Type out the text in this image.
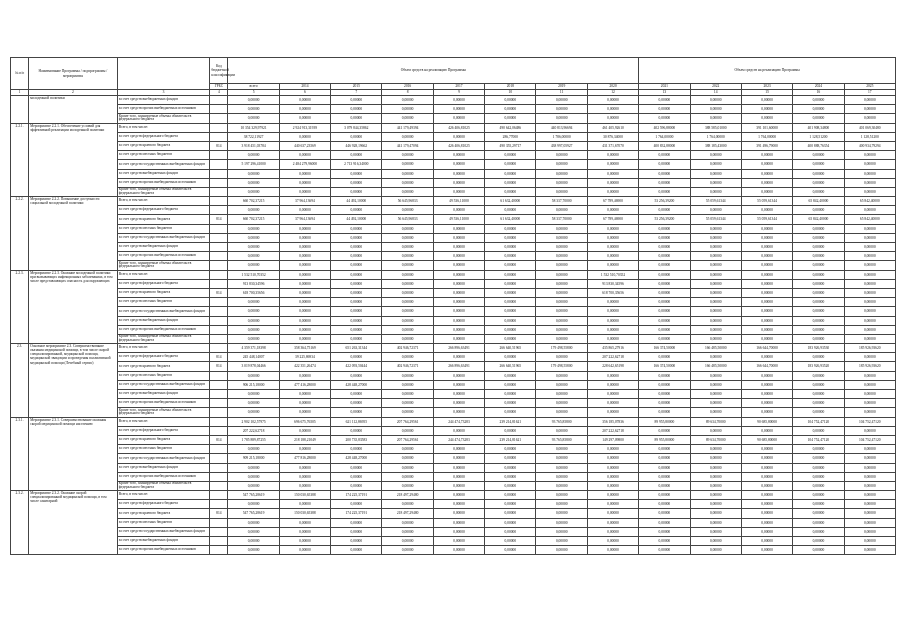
№ п/п	Наименование Программы / подпрограммы / мероприятия		Код бюджетной классификации	Объем средств на реализацию Программы								Объем средств на реализацию Программы				
			ГРБС	всего	2014	2015	2016	2017	2018	2019	2020	2021	2022	2023	2024	2025
1	2	3	4	5	6	7	8	9	10	11	12	13	14	15	16	17
	молодежной политики	за счет средств внебюджетных фондов		0,00000	0,00000	0,00000	0,00000	0,00000	0,00000	0,00000	0,00000	0,00000	0,00000	0,00000	0,00000	0,00000
		за счет средств прочих внебюджетных источников		0,00000	0,00000	0,00000	0,00000	0,00000	0,00000	0,00000	0,00000	0,00000	0,00000	0,00000	0,00000	0,00000
		Кроме того, планируемые объемы обязательств федерального бюджета		0,00000	0,00000	0,00000	0,00000	0,00000	0,00000	0,00000	0,00000	0,00000	0,00000	0,00000	0,00000	0,00000
2.2.1.	Мероприятие 2.2.1. Обеспечение условий для эффективной реализации молодежной политики	Всего, в том числе:		10 354 329,97921	2 924 913,31939	3 079 844,35862	441 179,49394	426 406,81025	490 642,06486	440 813,96694	461 405,92610	402 596,88000	388 585,01000	391 101,60000	401 908,34800	401 069,30480
		за счет средств федерального бюджета		38 722,11927	0,00000	0,00000	0,00000	0,00000	286,77000	1 786,00000	30 876,34000	1 764,00000	1 764,00000	1 764,00000	1 128,51200	1 128,51200
		за счет средств краевого бюджета	814	3 918 451,03784	440 637,23569	446 928,19662	441 179,47094	426 406,81025	490 355,29717	438 997,05927	431 371,67070	400 832,88000	388 185,43000	391 496,79000	400 888,76354	400 934,79294
		за счет средств местных бюджетов		0,00000	0,00000	0,00000	0,00000	0,00000	0,00000	0,00000	0,00000	0,00000	0,00000	0,00000	0,00000	0,00000
		за счет средств государственных внебюджетных фондов		5 197 296,41000	2 484 279,96000	2 713 916,34000	0,00000	0,00000	0,00000	0,00000	0,00000	0,00000	0,00000	0,00000	0,00000	0,00000
		за счет средств внебюджетных фондов		0,00000	0,00000	0,00000	0,00000	0,00000	0,00000	0,00000	0,00000	0,00000	0,00000	0,00000	0,00000	0,00000
		за счет средств прочих внебюджетных источников		0,00000	0,00000	0,00000	0,00000	0,00000	0,00000	0,00000	0,00000	0,00000	0,00000	0,00000	0,00000	0,00000
		Кроме того, планируемые объемы обязательств федерального бюджета		0,00000	0,00000	0,00000	0,00000	0,00000	0,00000	0,00000	0,00000	0,00000	0,00000	0,00000	0,00000	0,00000
2.2.2.	Мероприятие 2.2.2. Повышение доступности социальной молодежной политики	Всего, в том числе:		660 702,37215	37 964,13694	44 492,10000	56 645,96833	49 536,11000	61 632,40000	58 337,70000	67 789,46900	53 256,39200	55 059,61344	55 059,61344	65 842,40000	65 842,40000
		за счет средств федерального бюджета		0,00000	0,00000	0,00000	0,00000	0,00000	0,00000	0,00000	0,00000	0,00000	0,00000	0,00000	0,00000	0,00000
		за счет средств краевого бюджета	814	660 702,37215	37 964,13694	44 492,10000	56 645,96833	49 536,11000	61 632,40000	58 337,70000	67 789,46900	53 256,39200	55 059,61344	55 059,61344	65 842,40000	65 842,40000
		за счет средств местных бюджетов		0,00000	0,00000	0,00000	0,00000	0,00000	0,00000	0,00000	0,00000	0,00000	0,00000	0,00000	0,00000	0,00000
		за счет средств государственных внебюджетных фондов		0,00000	0,00000	0,00000	0,00000	0,00000	0,00000	0,00000	0,00000	0,00000	0,00000	0,00000	0,00000	0,00000
		за счет средств внебюджетных фондов		0,00000	0,00000	0,00000	0,00000	0,00000	0,00000	0,00000	0,00000	0,00000	0,00000	0,00000	0,00000	0,00000
		за счет средств прочих внебюджетных источников		0,00000	0,00000	0,00000	0,00000	0,00000	0,00000	0,00000	0,00000	0,00000	0,00000	0,00000	0,00000	0,00000
		Кроме того, планируемые объемы обязательств федерального бюджета		0,00000	0,00000	0,00000	0,00000	0,00000	0,00000	0,00000	0,00000	0,00000	0,00000	0,00000	0,00000	0,00000
2.2.3.	Мероприятие 2.2.3. Оказание молодежной политики при вызывающих инфекционных заболеваниях, в том числе представляющих опасность для окружающих	Всего, в том числе:		1 532 510,70352	0,00000	0,00000	0,00000	0,00000	0,00000	0,00000	1 532 510,70352	0,00000	0,00000	0,00000	0,00000	0,00000
		за счет средств федерального бюджета		913 830,34596	0,00000	0,00000	0,00000	0,00000	0,00000	0,00000	913 830,34596	0,00000	0,00000	0,00000	0,00000	0,00000
		за счет средств краевого бюджета	814	618 700,35656	0,00000	0,00000	0,00000	0,00000	0,00000	0,00000	618 700,35656	0,00000	0,00000	0,00000	0,00000	0,00000
		за счет средств местных бюджетов		0,00000	0,00000	0,00000	0,00000	0,00000	0,00000	0,00000	0,00000	0,00000	0,00000	0,00000	0,00000	0,00000
		за счет средств государственных внебюджетных фондов		0,00000	0,00000	0,00000	0,00000	0,00000	0,00000	0,00000	0,00000	0,00000	0,00000	0,00000	0,00000	0,00000
		за счет средств внебюджетных фондов		0,00000	0,00000	0,00000	0,00000	0,00000	0,00000	0,00000	0,00000	0,00000	0,00000	0,00000	0,00000	0,00000
		за счет средств прочих внебюджетных источников		0,00000	0,00000	0,00000	0,00000	0,00000	0,00000	0,00000	0,00000	0,00000	0,00000	0,00000	0,00000	0,00000
		Кроме того, планируемые объемы обязательств федерального бюджета		0,00000	0,00000	0,00000	0,00000	0,00000	0,00000	0,00000	0,00000	0,00000	0,00000	0,00000	0,00000	0,00000
2.3.	Основное мероприятие 2.3. Совершенствование оказания медицинской помощи, в том числе скорой специализированной, медицинской помощи, медицинской эвакуации и проведения паллиативной медицинской помощи (Лечебный сервис)	Всего, в том числе:		4 359 371,18398	358 364,75169	651 263,31344	402 946,72371	266 896,63491	266 640,51965	179 498,55800	435 865,27916	166 374,50000	166 485,50000	166 644,70000	183 926,93530	185 926,93620
		за счет средств федерального бюджета	814	245 448,14007	39 225,86934	0,00000	0,00000	0,00000	0,00000	0,00000	207 222,62718	0,00000	0,00000	0,00000	0,00000	0,00000
		за счет средств краевого бюджета	814	3 019 878,04466	422 351,26474	422 093,50444	402 946,72371	266 896,63491	266 640,51965	179 498,55800	228 642,65198	166 374,50000	166 485,50000	166 644,70000	183 926,93520	185 926,93620
		за счет средств местных бюджетов		0,00000	0,00000	0,00000	0,00000	0,00000	0,00000	0,00000	0,00000	0,00000	0,00000	0,00000	0,00000	0,00000
		за счет средств государственных внебюджетных фондов		906 215,18000	477 416,28000	428 448,27000	0,00000	0,00000	0,00000	0,00000	0,00000	0,00000	0,00000	0,00000	0,00000	0,00000
		за счет средств внебюджетных фондов		0,00000	0,00000	0,00000	0,00000	0,00000	0,00000	0,00000	0,00000	0,00000	0,00000	0,00000	0,00000	0,00000
		за счет средств прочих внебюджетных источников		0,00000	0,00000	0,00000	0,00000	0,00000	0,00000	0,00000	0,00000	0,00000	0,00000	0,00000	0,00000	0,00000
		Кроме того, планируемые объемы обязательств федерального бюджета		0,00000	0,00000	0,00000	0,00000	0,00000	0,00000	0,00000	0,00000	0,00000	0,00000	0,00000	0,00000	0,00000
2.3.1.	Мероприятие 2.3.1. Совершенствование оказания скорой медицинской помощи населению	Всего, в том числе:		2 902 102,57975	696 675,76505	621 112,86955	207 764,29561	244 474,73283	239 214,81621	93 765,85800	356 185,07836	89 955,80000	89 634,70000	90 685,80000	104 752,47120	104 752,47120
		за счет средств федерального бюджета		207 222,62718	0,00000	0,00000	0,00000	0,00000	0,00000	0,00000	207 222,62718	0,00000	0,00000	0,00000	0,00000	0,00000
		за счет средств краевого бюджета	814	1 785 889,87255	218 188,21049	200 735,83583	207 764,29561	244 474,73283	239 214,81621	93 765,85800	149 297,09800	89 955,80000	89 634,70000	90 685,80000	104 752,47120	104 752,47120
		за счет средств местных бюджетов		0,00000	0,00000	0,00000	0,00000	0,00000	0,00000	0,00000	0,00000	0,00000	0,00000	0,00000	0,00000	0,00000
		за счет средств государственных внебюджетных фондов		909 215,18000	477 816,28000	428 448,27000	0,00000	0,00000	0,00000	0,00000	0,00000	0,00000	0,00000	0,00000	0,00000	0,00000
		за счет средств внебюджетных фондов		0,00000	0,00000	0,00000	0,00000	0,00000	0,00000	0,00000	0,00000	0,00000	0,00000	0,00000	0,00000	0,00000
		за счет средств прочих внебюджетных источников		0,00000	0,00000	0,00000	0,00000	0,00000	0,00000	0,00000	0,00000	0,00000	0,00000	0,00000	0,00000	0,00000
		Кроме того, планируемые объемы обязательств федерального бюджета		0,00000	0,00000	0,00000	0,00000	0,00000	0,00000	0,00000	0,00000	0,00000	0,00000	0,00000	0,00000	0,00000
2.3.2.	Мероприятие 2.3.2. Оказание скорой специализированной медицинской помощи, в том числе санитарной	Всего, в том числе:		547 765,28619	150 030,65388	174 225,37191	218 497,29480	0,00000	0,00000	0,00000	0,00000	0,00000	0,00000	0,00000	0,00000	0,00000
		за счет средств федерального бюджета		0,00000	0,00000	0,00000	0,00000	0,00000	0,00000	0,00000	0,00000	0,00000	0,00000	0,00000	0,00000	0,00000
		за счет средств краевого бюджета	814	547 765,28619	150 030,65388	174 225,37191	218 497,29480	0,00000	0,00000	0,00000	0,00000	0,00000	0,00000	0,00000	0,00000	0,00000
		за счет средств местных бюджетов		0,00000	0,00000	0,00000	0,00000	0,00000	0,00000	0,00000	0,00000	0,00000	0,00000	0,00000	0,00000	0,00000
		за счет средств государственных внебюджетных фондов		0,00000	0,00000	0,00000	0,00000	0,00000	0,00000	0,00000	0,00000	0,00000	0,00000	0,00000	0,00000	0,00000
		за счет средств внебюджетных фондов		0,00000	0,00000	0,00000	0,00000	0,00000	0,00000	0,00000	0,00000	0,00000	0,00000	0,00000	0,00000	0,00000
		за счет средств прочих внебюджетных источников		0,00000	0,00000	0,00000	0,00000	0,00000	0,00000	0,00000	0,00000	0,00000	0,00000	0,00000	0,00000	0,00000
